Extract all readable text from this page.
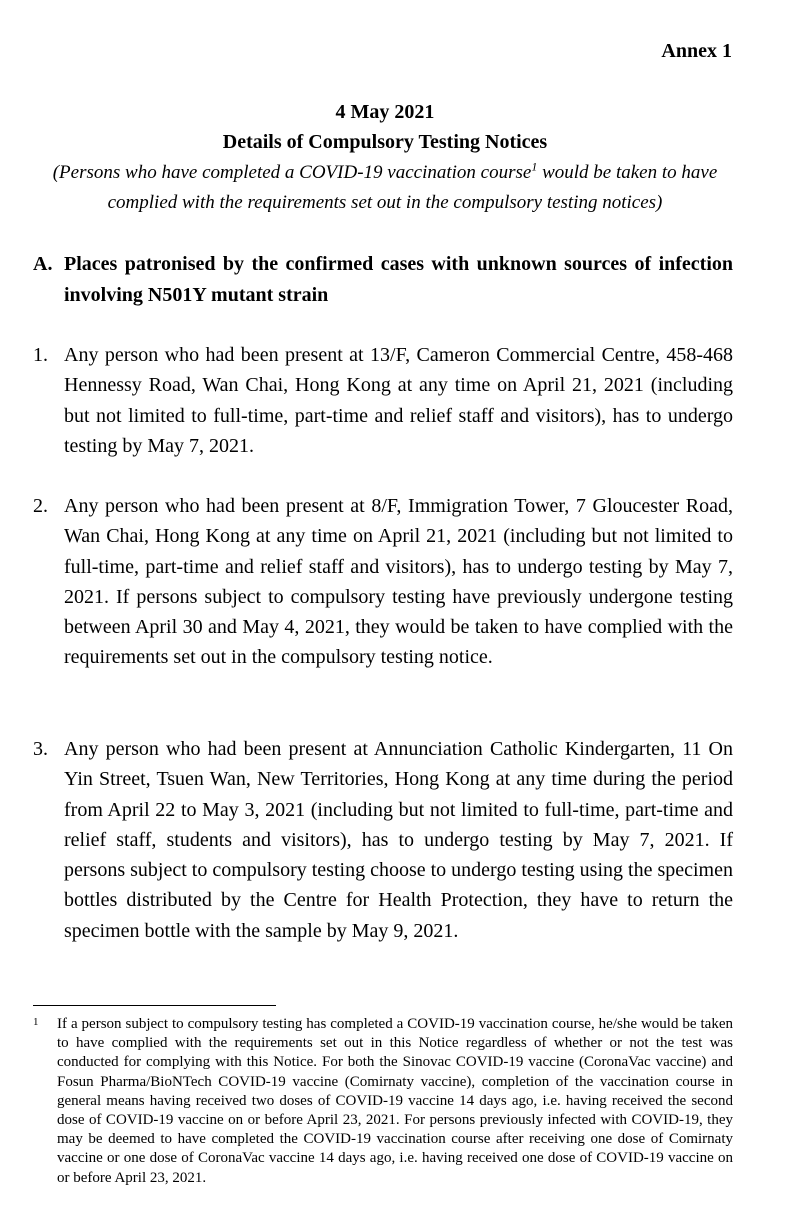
Annex 1
4 May 2021
Details of Compulsory Testing Notices
(Persons who have completed a COVID-19 vaccination course$^1$ would be taken to have complied with the requirements set out in the compulsory testing notices)
A. Places patronised by the confirmed cases with unknown sources of infection involving N501Y mutant strain
1. Any person who had been present at 13/F, Cameron Commercial Centre, 458-468 Hennessy Road, Wan Chai, Hong Kong at any time on April 21, 2021 (including but not limited to full-time, part-time and relief staff and visitors), has to undergo testing by May 7, 2021.
2. Any person who had been present at 8/F, Immigration Tower, 7 Gloucester Road, Wan Chai, Hong Kong at any time on April 21, 2021 (including but not limited to full-time, part-time and relief staff and visitors), has to undergo testing by May 7, 2021. If persons subject to compulsory testing have previously undergone testing between April 30 and May 4, 2021, they would be taken to have complied with the requirements set out in the compulsory testing notice.
3. Any person who had been present at Annunciation Catholic Kindergarten, 11 On Yin Street, Tsuen Wan, New Territories, Hong Kong at any time during the period from April 22 to May 3, 2021 (including but not limited to full-time, part-time and relief staff, students and visitors), has to undergo testing by May 7, 2021. If persons subject to compulsory testing choose to undergo testing using the specimen bottles distributed by the Centre for Health Protection, they have to return the specimen bottle with the sample by May 9, 2021.
1 If a person subject to compulsory testing has completed a COVID-19 vaccination course, he/she would be taken to have complied with the requirements set out in this Notice regardless of whether or not the test was conducted for complying with this Notice. For both the Sinovac COVID-19 vaccine (CoronaVac vaccine) and Fosun Pharma/BioNTech COVID-19 vaccine (Comirnaty vaccine), completion of the vaccination course in general means having received two doses of COVID-19 vaccine 14 days ago, i.e. having received the second dose of COVID-19 vaccine on or before April 23, 2021. For persons previously infected with COVID-19, they may be deemed to have completed the COVID-19 vaccination course after receiving one dose of Comirnaty vaccine or one dose of CoronaVac vaccine 14 days ago, i.e. having received one dose of COVID-19 vaccine on or before April 23, 2021.
